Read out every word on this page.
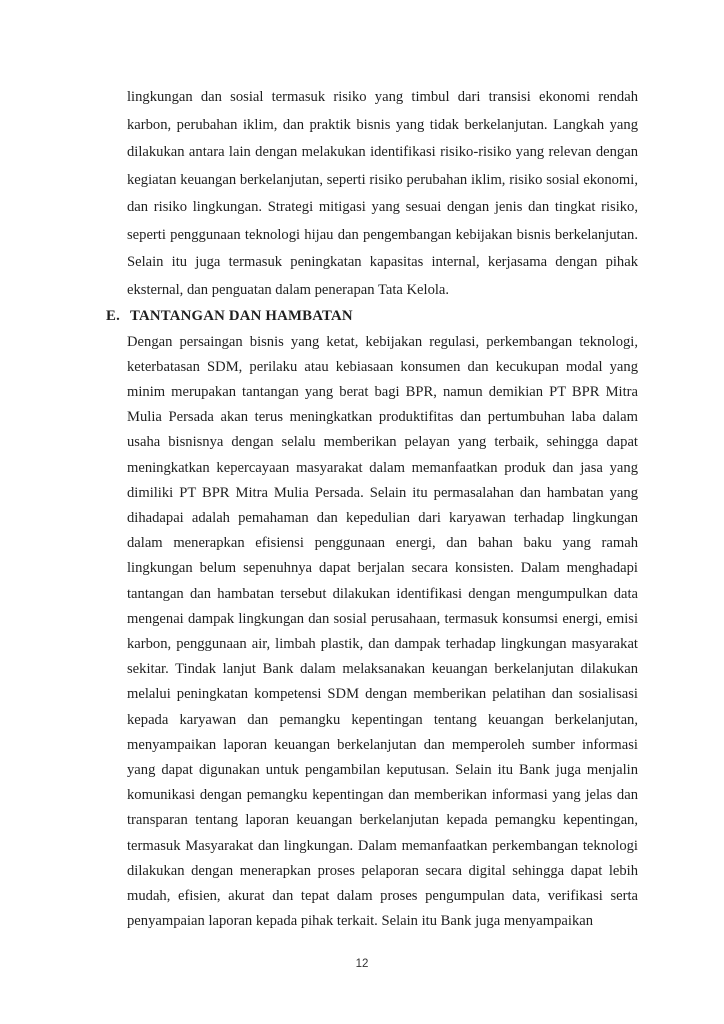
lingkungan dan sosial termasuk risiko yang timbul dari transisi ekonomi rendah karbon, perubahan iklim, dan praktik bisnis yang tidak berkelanjutan. Langkah yang dilakukan antara lain dengan melakukan identifikasi risiko-risiko yang relevan dengan kegiatan keuangan berkelanjutan, seperti risiko perubahan iklim, risiko sosial ekonomi, dan risiko lingkungan. Strategi mitigasi yang sesuai dengan jenis dan tingkat risiko, seperti penggunaan teknologi hijau dan pengembangan kebijakan bisnis berkelanjutan. Selain itu juga termasuk peningkatan kapasitas internal, kerjasama dengan pihak eksternal, dan penguatan dalam penerapan Tata Kelola.

E. TANTANGAN DAN HAMBATAN

Dengan persaingan bisnis yang ketat, kebijakan regulasi, perkembangan teknologi, keterbatasan SDM, perilaku atau kebiasaan konsumen dan kecukupan modal yang minim merupakan tantangan yang berat bagi BPR, namun demikian PT BPR Mitra Mulia Persada akan terus meningkatkan produktifitas dan pertumbuhan laba dalam usaha bisnisnya dengan selalu memberikan pelayan yang terbaik, sehingga dapat meningkatkan kepercayaan masyarakat dalam memanfaatkan produk dan jasa yang dimiliki PT BPR Mitra Mulia Persada. Selain itu permasalahan dan hambatan yang dihadapai adalah pemahaman dan kepedulian dari karyawan terhadap lingkungan dalam menerapkan efisiensi penggunaan energi, dan bahan baku yang ramah lingkungan belum sepenuhnya dapat berjalan secara konsisten. Dalam menghadapi tantangan dan hambatan tersebut dilakukan identifikasi dengan mengumpulkan data mengenai dampak lingkungan dan sosial perusahaan, termasuk konsumsi energi, emisi karbon, penggunaan air, limbah plastik, dan dampak terhadap lingkungan masyarakat sekitar. Tindak lanjut Bank dalam melaksanakan keuangan berkelanjutan dilakukan melalui peningkatan kompetensi SDM dengan memberikan pelatihan dan sosialisasi kepada karyawan dan pemangku kepentingan tentang keuangan berkelanjutan, menyampaikan laporan keuangan berkelanjutan dan memperoleh sumber informasi yang dapat digunakan untuk pengambilan keputusan. Selain itu Bank juga menjalin komunikasi dengan pemangku kepentingan dan memberikan informasi yang jelas dan transparan tentang laporan keuangan berkelanjutan kepada pemangku kepentingan, termasuk Masyarakat dan lingkungan. Dalam memanfaatkan perkembangan teknologi dilakukan dengan menerapkan proses pelaporan secara digital sehingga dapat lebih mudah, efisien, akurat dan tepat dalam proses pengumpulan data, verifikasi serta penyampaian laporan kepada pihak terkait. Selain itu Bank juga menyampaikan

12
